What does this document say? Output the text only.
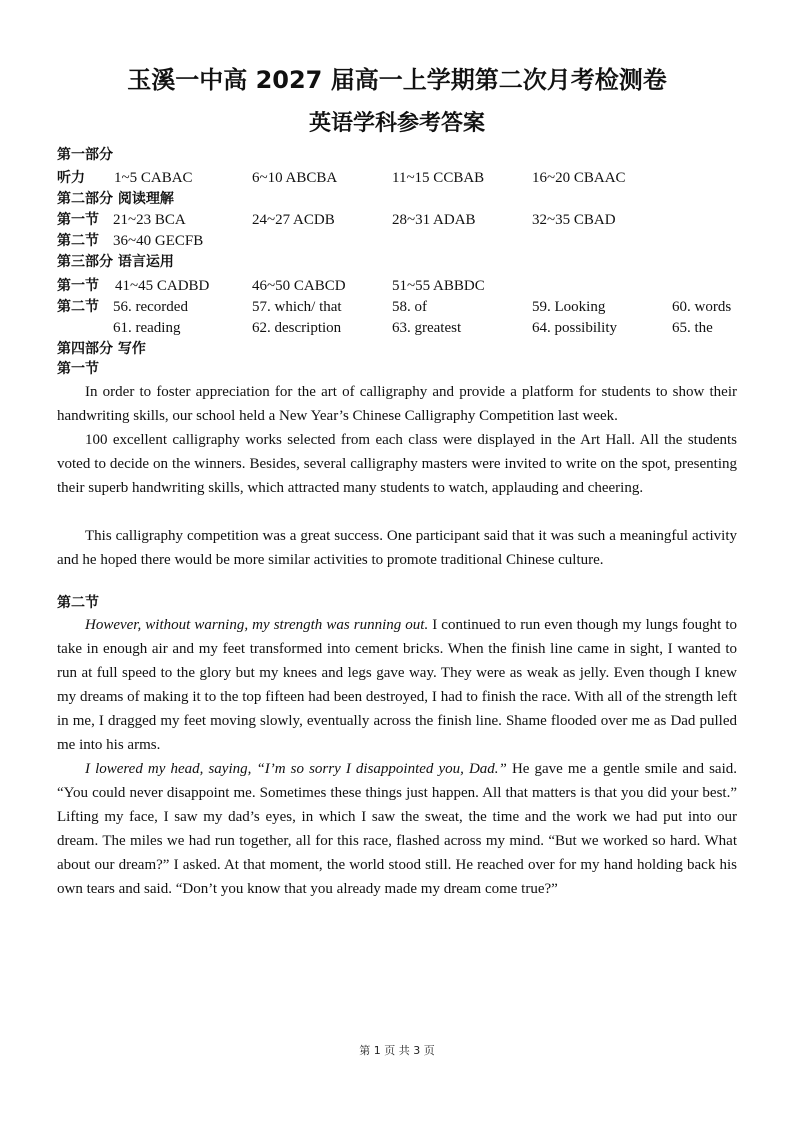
玉溪一中高 2027 届高一上学期第二次月考检测卷
英语学科参考答案
第一部分
听力 1~5 CABAC	6~10 ABCBA	11~15 CCBAB	16~20 CBAAC
第二部分 阅读理解
第一节 21~23 BCA	24~27 ACDB	28~31 ADAB	32~35 CBAD
第二节 36~40 GECFB
第三部分 语言运用
第一节 41~45 CADBD	46~50 CABCD	51~55 ABBDC
第二节 56. recorded	57. which/ that	58. of	59. Looking	60. words
61. reading	62. description	63. greatest	64. possibility	65. the
第四部分 写作
第一节

In order to foster appreciation for the art of calligraphy and provide a platform for students to show their handwriting skills, our school held a New Year’s Chinese Calligraphy Competition last week.

100 excellent calligraphy works selected from each class were displayed in the Art Hall. All the students voted to decide on the winners. Besides, several calligraphy masters were invited to write on the spot, presenting their superb handwriting skills, which attracted many students to watch, applauding and cheering.

This calligraphy competition was a great success. One participant said that it was such a meaningful activity and he hoped there would be more similar activities to promote traditional Chinese culture.

第二节

However, without warning, my strength was running out. I continued to run even though my lungs fought to take in enough air and my feet transformed into cement bricks. When the finish line came in sight, I wanted to run at full speed to the glory but my knees and legs gave way. They were as weak as jelly. Even though I knew my dreams of making it to the top fifteen had been destroyed, I had to finish the race. With all of the strength left in me, I dragged my feet moving slowly, eventually across the finish line. Shame flooded over me as Dad pulled me into his arms.

I lowered my head, saying, “I’m so sorry I disappointed you, Dad.” He gave me a gentle smile and said. “You could never disappoint me. Sometimes these things just happen. All that matters is that you did your best.” Lifting my face, I saw my dad’s eyes, in which I saw the sweat, the time and the work we had put into our dream. The miles we had run together, all for this race, flashed across my mind. “But we worked so hard. What about our dream?” I asked. At that moment, the world stood still. He reached over for my hand holding back his own tears and said. “Don’t you know that you already made my dream come true?”

第 1 页 共 3 页
